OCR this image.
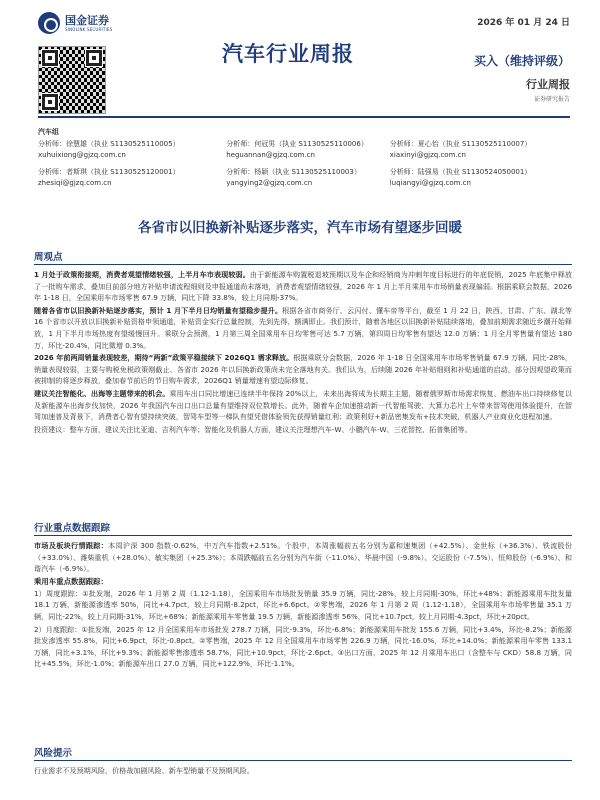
国金证券
SINOLINK SECURITIES
2026 年 01 月 24 日
汽车行业周报	买入（维持评级）
行业周报
证券研究报告
汽车组
分析师：徐慧雄（执业 S1130525110005）
xuhuixiong@gjzq.com.cn
分析师：何冠男（执业 S1130525110006）
heguannan@gjzq.com.cn
分析师：夏心怡（执业 S1130525110007）
xiaxinyi@gjzq.com.cn
分析师：者斯琪（执业 S1130525120001）
zhesiqi@gjzq.com.cn
分析师：杨颖（执业 S1130525110003）
yangying2@gjzq.com.cn
分析师：陆强易（执业 S1130524050001）
luqiangyi@gjzq.com.cn
各省市以旧换新补贴逐步落实，汽车市场有望逐步回暖
周观点

1 月处于政策衔接期，消费者观望情绪较强，上半月车市表现较弱。由于新能源车购置税退坡预期以及车企和经销商为冲刺年度目标进行的年底促销，2025 年底集中释放了一批购车需求，叠加目前部分地方补贴申请流程细则及申报通道尚未落地，消费者观望情绪较强，2026 年 1 月上半月乘用车市场销量表现偏弱。根据乘联会数据，2026 年 1-18 日，全国乘用车市场零售 67.9 万辆，同比下降 33.8%，较上月同期-37%。

随着各省市以旧换新补贴逐步落实，预计 1 月下半月日均销量有望稳步提升。根据各省市商务厅、云闪付、懂车帝等平台，截至 1 月 22 日，陕西、甘肃、广东、湖北等 16 个省市以开放以旧换新补贴资格申领通道，补贴资金实行总量控制，先到先得、额满即止。我们预计，随着各地区以旧换新补贴陆续落地，叠加前期需求随近乡潮开始释放，1 月下半月市场热度有望缓慢回升。乘联分会预测，1 月第三周全国乘用车日均零售可达 5.7 万辆，第四周日均零售有望达 12.0 万辆；1 月全月零售量有望达 180 万，环比-20.4%，同比微增 0.3%。

2026 年前两周销量表现较差，期待“两新”政策平稳接续下 2026Q1 需求释放。根据乘联分会数据，2026 年 1-18 日全国乘用车市场零售销量 67.9 万辆，同比-28%，销量表现较弱，主要与购税免税政策刚截止、各省市 2026 年以旧换新政策尚未完全落地有关。我们认为，后续随 2026 年补贴细则和补贴通道的启动，部分因观望政策而被抑制的将逐步释放，叠加春节前后的节日购车需求，2026Q1 销量增速有望边际修复。

建议关注智能化、出海等主题带来的机会。乘用车出口同比增速已连续半年保持 20%以上，未来出海将成为长期主主题，随着俄罗斯市场需求恢复、燃油车出口持续修复以及新能源车出海步伐加快，2026 年我国汽车出口出口总量有望维持双位数增长。此外，随着车企加速推动新一代智能驾驶、大算力芯片上车带来智驾使用体验提升，在智驾加速普及背景下，消费者心智有望持续突破，智驾车型等一梯队有望凭借体验领先获得销量红利；政策利好+新品密集发布+技术突破，机器人产业商业化进程加速。

投资建议：整车方面，建议关注比亚迪、吉利汽车等；智能化及机器人方面，建议关注理想汽车-W、小鹏汽车-W、三花智控、拓普集团等。

行业重点数据跟踪

市场及板块行情跟踪：本周沪深 300 指数-0.62%，中万汽车指数+2.51%。个股中，本周涨幅前五名分别为嘉和速集团（+42.5%）、金世标（+36.3%）、铁流股份（+33.0%）、潍柴重机（+28.0%）、敏实集团（+25.3%）；本周跌幅前五名分别为汽车街（-11.0%）、华晨中国（-9.8%）、交运股份（-7.5%）、恒帅股份（-6.9%）、和谐汽车（-6.9%）。

乘用车重点数据跟踪：

1）周度跟踪：①批发端，2026 年 1 月第 2 周（1.12-1.18），全国乘用车市场批发销量 35.9 万辆，同比-28%，较上月同期-30%，环比+48%；新能源乘用车批发量 18.1 万辆，新能源渗透率 50%，同比+4.7pct，较上月同期-8.2pct，环比+6.6pct。②零售端，2026 年 1 月第 2 周（1.12-1.18），全国乘用车市场零售量 35.1 万辆，同比-22%，较上月同期-31%，环比+68%；新能源乘用车零售量 19.5 万辆，新能源渗透率 56%，同比+10.7pct，较上月同期-4.3pct，环比+20pct。

2）月度跟踪：①批发端，2025 年 12 月全国乘用车市场批发 278.7 万辆，同比-9.3%，环比-6.8%；新能源乘用车批发 155.6 万辆，同比+3.4%，环比-8.2%；新能源批发渗透率 55.8%，同比+6.9pct，环比-0.8pct。②零售端，2025 年 12 月全国乘用车市场零售 226.9 万辆，同比-16.0%，环比+14.0%；新能源乘用车零售 133.1 万辆，同比+3.1%，环比+9.3%；新能源零售渗透率 58.7%，同比+10.9pct，环比-2.6pct。③出口方面，2025 年 12 月乘用车出口（含整车与 CKD）58.8 万辆，同比+45.5%，环比-1.0%；新能源车出口 27.0 万辆，同比+122.9%，环比-1.1%。

风险提示

行业需求不及预期风险、价格战加剧风险、新车型销量不及预期风险。
